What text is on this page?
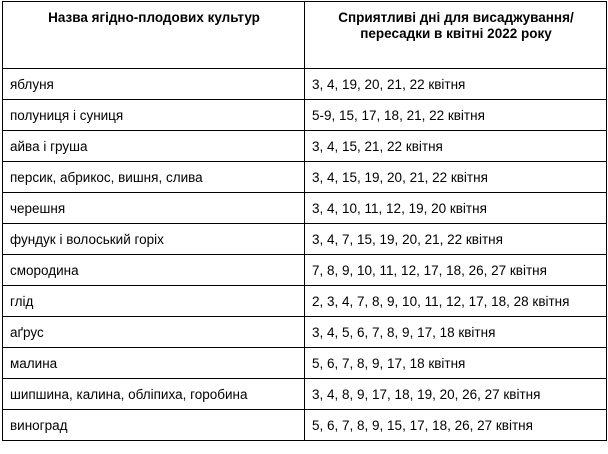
Назва ягідно-плодових культур	Сприятливі дні для висаджування/пересадки в квітні 2022 року
яблуня	3, 4, 19, 20, 21, 22 квітня
полуниця і суниця	5-9, 15, 17, 18, 21, 22 квітня
айва і груша	3, 4, 15, 21, 22 квітня
персик, абрикос, вишня, слива	3, 4, 15, 19, 20, 21, 22 квітня
черешня	3, 4, 10, 11, 12, 19, 20 квітня
фундук і волоський горіх	3, 4, 7, 15, 19, 20, 21, 22 квітня
смородина	7, 8, 9, 10, 11, 12, 17, 18, 26, 27 квітня
глід	2, 3, 4, 7, 8, 9, 10, 11, 12, 17, 18, 28 квітня
аґрус	3, 4, 5, 6, 7, 8, 9, 17, 18 квітня
малина	5, 6, 7, 8, 9, 17, 18 квітня
шипшина, калина, обліпиха, горобина	3, 4, 8, 9, 17, 18, 19, 20, 26, 27 квітня
виноград	5, 6, 7, 8, 9, 15, 17, 18, 26, 27 квітня
